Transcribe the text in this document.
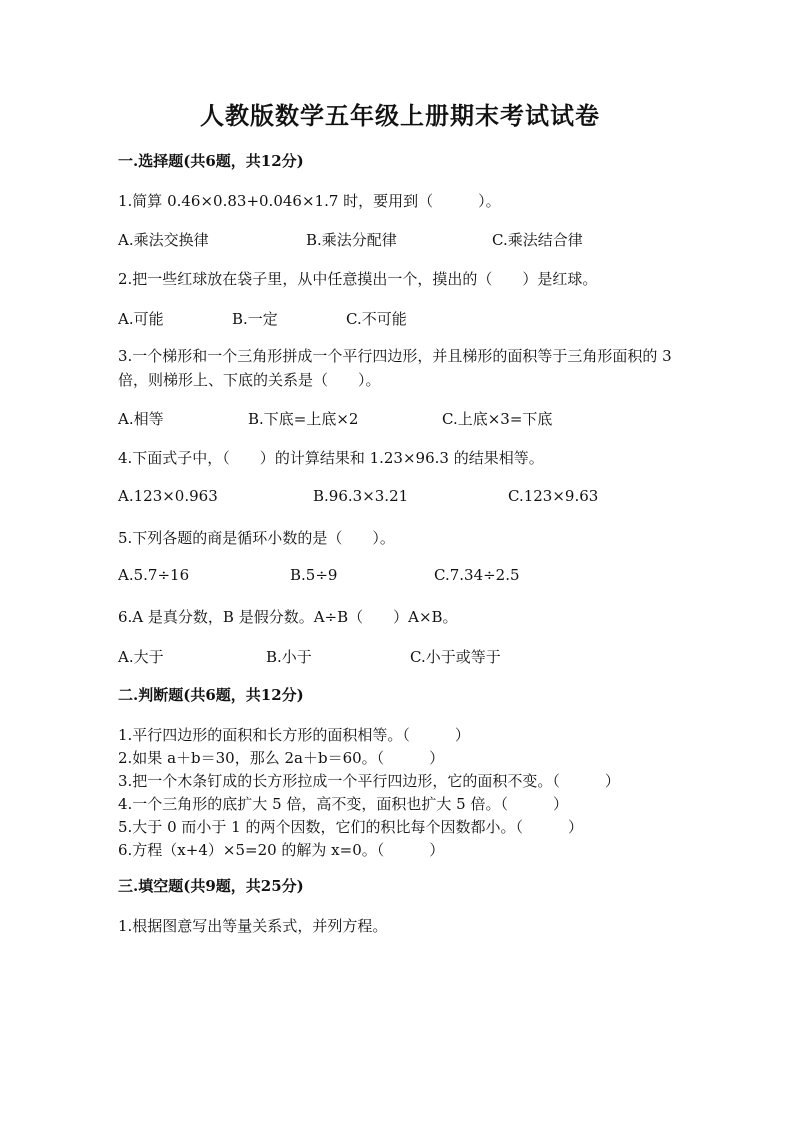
人教版数学五年级上册期末考试试卷
一.选择题(共6题，共12分)
1.简算 0.46×0.83+0.046×1.7 时，要用到（　　　）。
A.乘法交换律	B.乘法分配律	C.乘法结合律
2.把一些红球放在袋子里，从中任意摸出一个，摸出的（　　）是红球。
A.可能	B.一定	C.不可能
3.一个梯形和一个三角形拼成一个平行四边形，并且梯形的面积等于三角形面积的 3 倍，则梯形上、下底的关系是（　　）。
A.相等	B.下底=上底×2	C.上底×3=下底
4.下面式子中，（　　）的计算结果和 1.23×96.3 的结果相等。
A.123×0.963	B.96.3×3.21	C.123×9.63
5.下列各题的商是循环小数的是（　　）。
A.5.7÷16	B.5÷9	C.7.34÷2.5
6.A 是真分数，B 是假分数。A÷B（　　）A×B。
A.大于	B.小于	C.小于或等于
二.判断题(共6题，共12分)
1.平行四边形的面积和长方形的面积相等。（　　　）
2.如果 a＋b＝30，那么 2a＋b＝60。（　　　）
3.把一个木条钉成的长方形拉成一个平行四边形，它的面积不变。（　　　）
4.一个三角形的底扩大 5 倍，高不变，面积也扩大 5 倍。（　　　）
5.大于 0 而小于 1 的两个因数，它们的积比每个因数都小。（　　　）
6.方程（x+4）×5=20 的解为 x=0。（　　　）
三.填空题(共9题，共25分)
1.根据图意写出等量关系式，并列方程。
